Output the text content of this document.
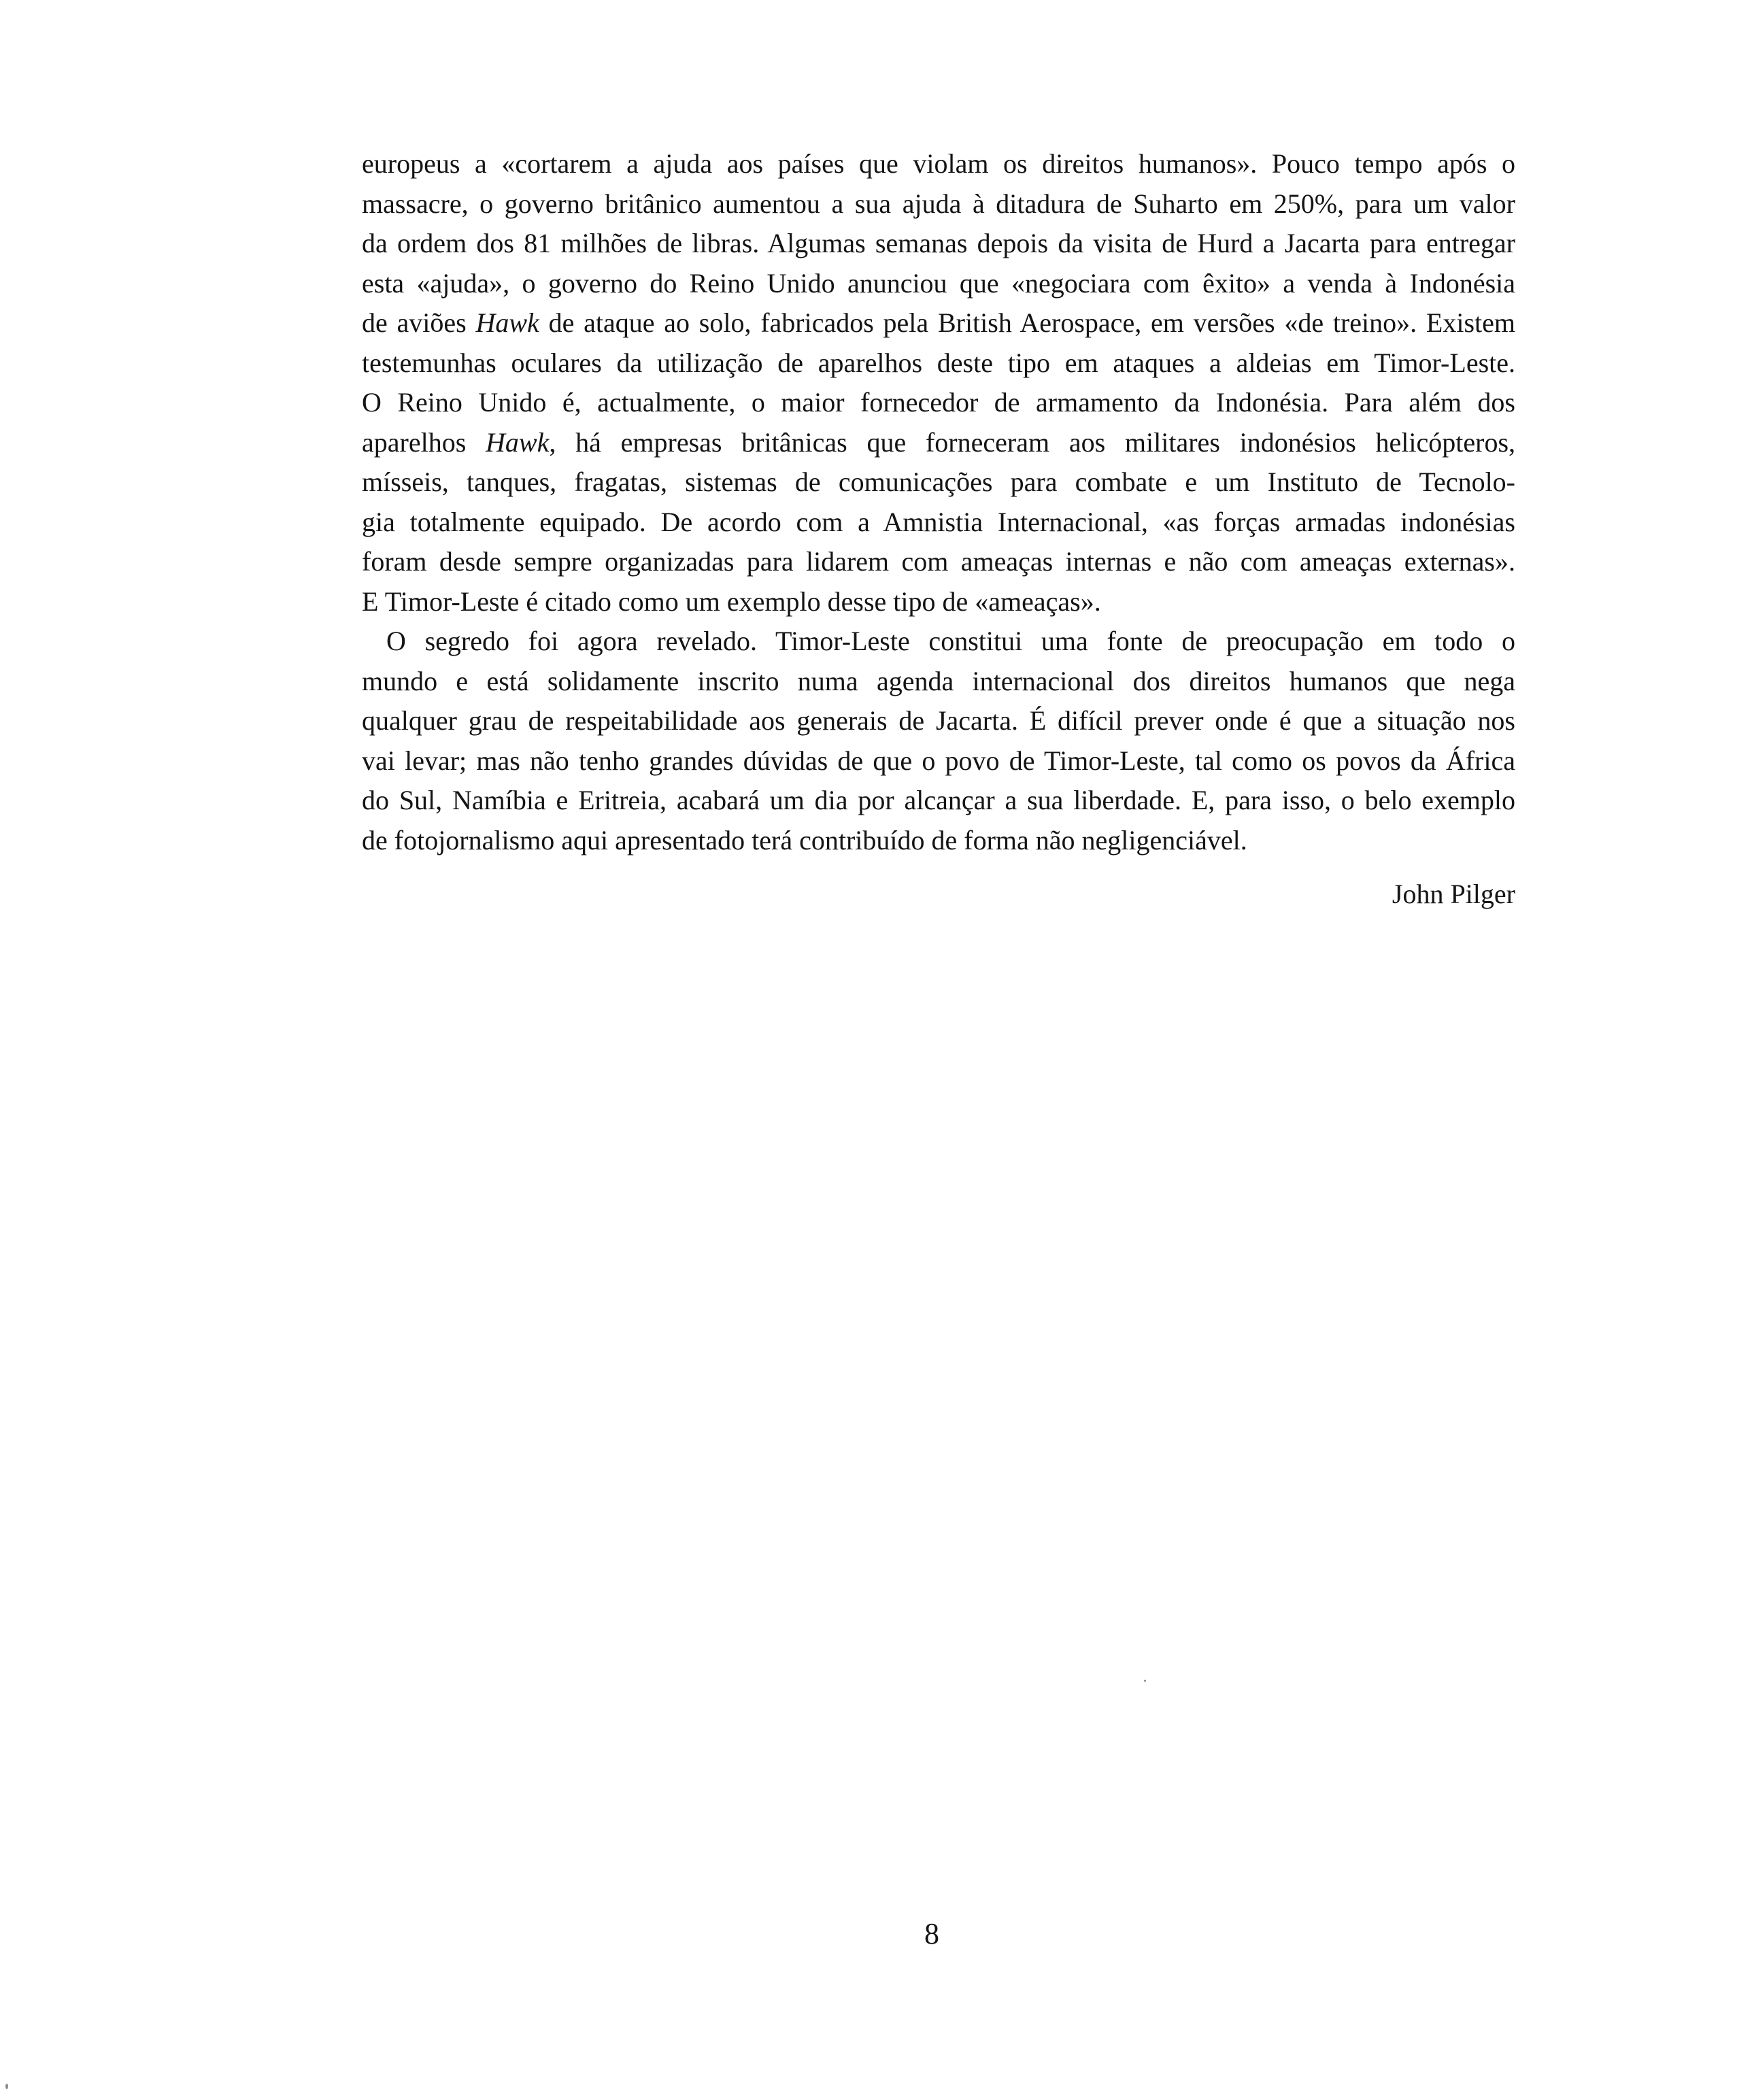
europeus a «cortarem a ajuda aos países que violam os direitos humanos». Pouco tempo após o
massacre, o governo britânico aumentou a sua ajuda à ditadura de Suharto em 250%, para um valor
da ordem dos 81 milhões de libras. Algumas semanas depois da visita de Hurd a Jacarta para entregar
esta «ajuda», o governo do Reino Unido anunciou que «negociara com êxito» a venda à Indonésia
de aviões Hawk de ataque ao solo, fabricados pela British Aerospace, em versões «de treino». Existem
testemunhas oculares da utilização de aparelhos deste tipo em ataques a aldeias em Timor-Leste.
O Reino Unido é, actualmente, o maior fornecedor de armamento da Indonésia. Para além dos
aparelhos Hawk, há empresas britânicas que forneceram aos militares indonésios helicópteros,
mísseis, tanques, fragatas, sistemas de comunicações para combate e um Instituto de Tecnolo-
gia totalmente equipado. De acordo com a Amnistia Internacional, «as forças armadas indonésias
foram desde sempre organizadas para lidarem com ameaças internas e não com ameaças externas».
E Timor-Leste é citado como um exemplo desse tipo de «ameaças».

O segredo foi agora revelado. Timor-Leste constitui uma fonte de preocupação em todo o
mundo e está solidamente inscrito numa agenda internacional dos direitos humanos que nega
qualquer grau de respeitabilidade aos generais de Jacarta. É difícil prever onde é que a situação nos
vai levar; mas não tenho grandes dúvidas de que o povo de Timor-Leste, tal como os povos da África
do Sul, Namíbia e Eritreia, acabará um dia por alcançar a sua liberdade. E, para isso, o belo exemplo
de fotojornalismo aqui apresentado terá contribuído de forma não negligenciável.

John Pilger

8
